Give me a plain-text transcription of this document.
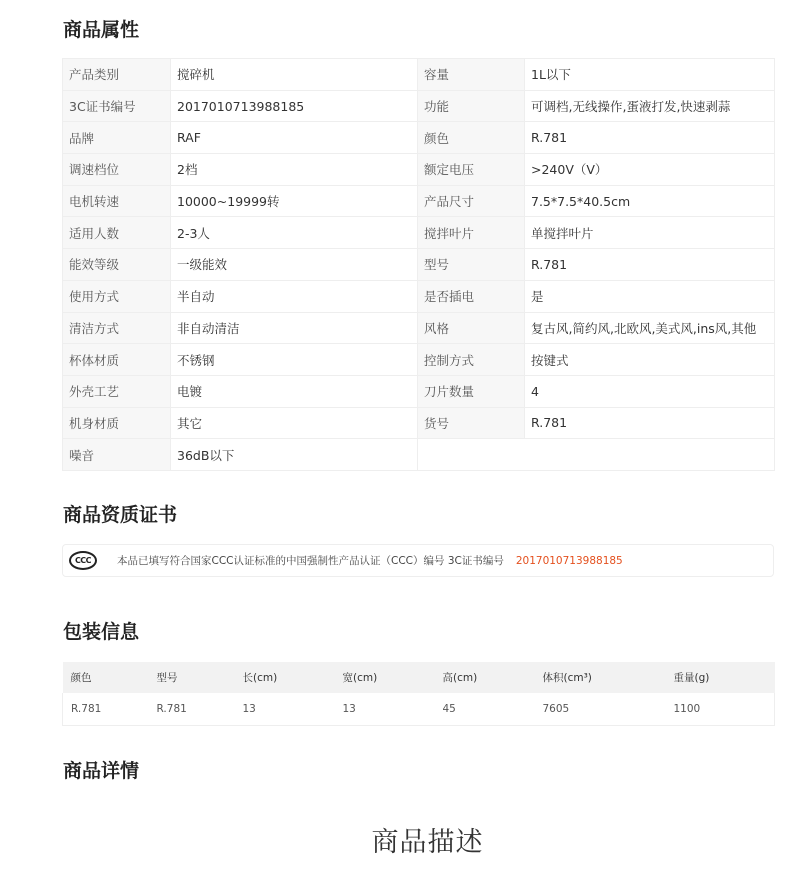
商品属性
产品类别	搅碎机	容量	1L以下
3C证书编号	2017010713988185	功能	可调档,无线操作,蛋液打发,快速剥蒜
品牌	RAF	颜色	R.781
调速档位	2档	额定电压	>240V（V）
电机转速	10000~19999转	产品尺寸	7.5*7.5*40.5cm
适用人数	2-3人	搅拌叶片	单搅拌叶片
能效等级	一级能效	型号	R.781
使用方式	半自动	是否插电	是
清洁方式	非自动清洁	风格	复古风,简约风,北欧风,美式风,ins风,其他
杯体材质	不锈钢	控制方式	按键式
外壳工艺	电镀	刀片数量	4
机身材质	其它	货号	R.781
噪音	36dB以下		
商品资质证书
CCC	本品已填写符合国家CCC认证标准的中国强制性产品认证（CCC）编号 3C证书编号 2017010713988185
包装信息
颜色	型号	长(cm)	宽(cm)	高(cm)	体积(cm³)	重量(g)
R.781	R.781	13	13	45	7605	1100
商品详情
商品描述
